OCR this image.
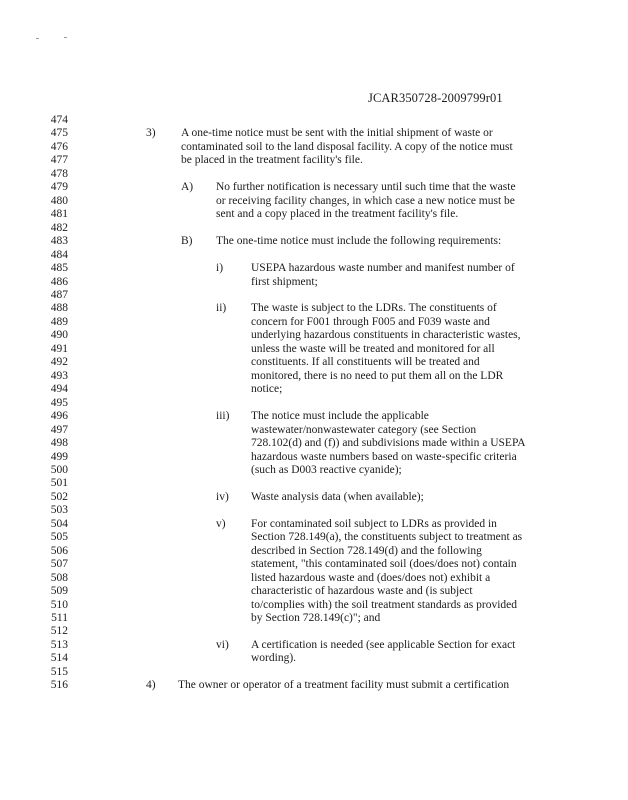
JCAR350728-2009799r01
474
475
476
477
478
479
480
481
482
483
484
485
486
487
488
489
490
491
492
493
494
495
496
497
498
499
500
501
502
503
504
505
506
507
508
509
510
511
512
513
514
515
516
3) A one-time notice must be sent with the initial shipment of waste or
contaminated soil to the land disposal facility. A copy of the notice must
be placed in the treatment facility's file.
A) No further notification is necessary until such time that the waste
or receiving facility changes, in which case a new notice must be
sent and a copy placed in the treatment facility's file.
B) The one-time notice must include the following requirements:
i) USEPA hazardous waste number and manifest number of
first shipment;
ii) The waste is subject to the LDRs. The constituents of
concern for F001 through F005 and F039 waste and
underlying hazardous constituents in characteristic wastes,
unless the waste will be treated and monitored for all
constituents. If all constituents will be treated and
monitored, there is no need to put them all on the LDR
notice;
iii) The notice must include the applicable
wastewater/nonwastewater category (see Section
728.102(d) and (f)) and subdivisions made within a USEPA
hazardous waste numbers based on waste-specific criteria
(such as D003 reactive cyanide);
iv) Waste analysis data (when available);
v) For contaminated soil subject to LDRs as provided in
Section 728.149(a), the constituents subject to treatment as
described in Section 728.149(d) and the following
statement, "this contaminated soil (does/does not) contain
listed hazardous waste and (does/does not) exhibit a
characteristic of hazardous waste and (is subject
to/complies with) the soil treatment standards as provided
by Section 728.149(c)"; and
vi) A certification is needed (see applicable Section for exact
wording).
4) The owner or operator of a treatment facility must submit a certification
